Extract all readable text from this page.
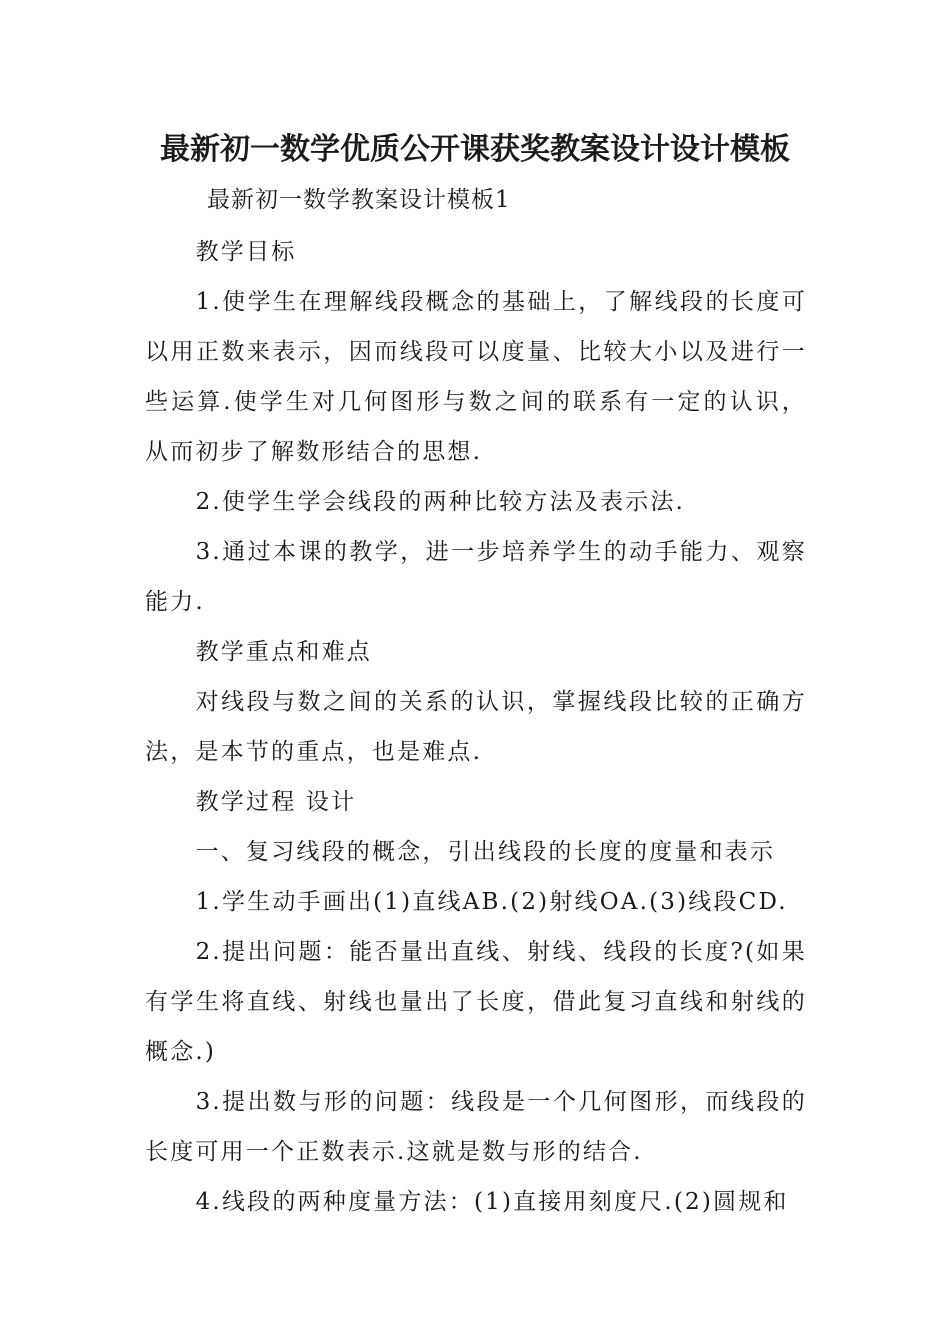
最新初一数学优质公开课获奖教案设计设计模板
最新初一数学教案设计模板1

教学目标

1.使学生在理解线段概念的基础上，了解线段的长度可以用正数来表示，因而线段可以度量、比较大小以及进行一些运算.使学生对几何图形与数之间的联系有一定的认识，从而初步了解数形结合的思想.

2.使学生学会线段的两种比较方法及表示法.

3.通过本课的教学，进一步培养学生的动手能力、观察能力.

教学重点和难点

对线段与数之间的关系的认识，掌握线段比较的正确方法，是本节的重点，也是难点.

教学过程 设计

一、复习线段的概念，引出线段的长度的度量和表示

1.学生动手画出(1)直线AB.(2)射线OA.(3)线段CD.

2.提出问题：能否量出直线、射线、线段的长度?(如果有学生将直线、射线也量出了长度，借此复习直线和射线的概念.)

3.提出数与形的问题：线段是一个几何图形，而线段的长度可用一个正数表示.这就是数与形的结合.

4.线段的两种度量方法：(1)直接用刻度尺.(2)圆规和
